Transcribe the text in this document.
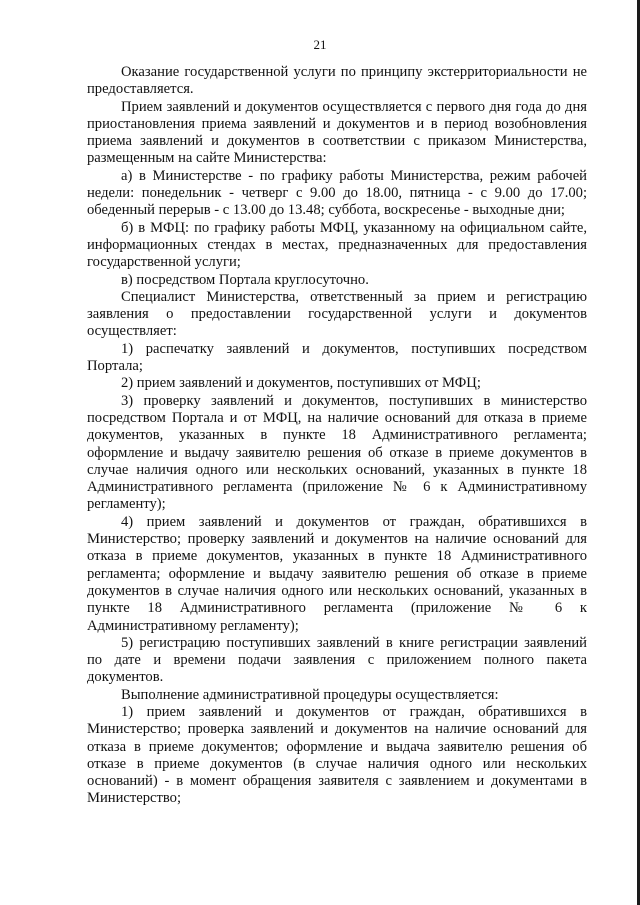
21

Оказание государственной услуги по принципу экстерриториальности не предоставляется.

Прием заявлений и документов осуществляется с первого дня года до дня приостановления приема заявлений и документов и в период возобновления приема заявлений и документов в соответствии с приказом Министерства, размещенным на сайте Министерства:

а) в Министерстве - по графику работы Министерства, режим рабочей недели: понедельник - четверг с 9.00 до 18.00, пятница - с 9.00 до 17.00; обеденный перерыв - с 13.00 до 13.48; суббота, воскресенье - выходные дни;

б) в МФЦ: по графику работы МФЦ, указанному на официальном сайте, информационных стендах в местах, предназначенных для предоставления государственной услуги;

в) посредством Портала круглосуточно.

Специалист Министерства, ответственный за прием и регистрацию заявления о предоставлении государственной услуги и документов осуществляет:

1) распечатку заявлений и документов, поступивших посредством Портала;

2) прием заявлений и документов, поступивших от МФЦ;

3) проверку заявлений и документов, поступивших в министерство посредством Портала и от МФЦ, на наличие оснований для отказа в приеме документов, указанных в пункте 18 Административного регламента; оформление и выдачу заявителю решения об отказе в приеме документов в случае наличия одного или нескольких оснований, указанных в пункте 18 Административного регламента (приложение № 6 к Административному регламенту);

4) прием заявлений и документов от граждан, обратившихся в Министерство; проверку заявлений и документов на наличие оснований для отказа в приеме документов, указанных в пункте 18 Административного регламента; оформление и выдачу заявителю решения об отказе в приеме документов в случае наличия одного или нескольких оснований, указанных в пункте 18 Административного регламента (приложение № 6 к Административному регламенту);

5) регистрацию поступивших заявлений в книге регистрации заявлений по дате и времени подачи заявления с приложением полного пакета документов.

Выполнение административной процедуры осуществляется:

1) прием заявлений и документов от граждан, обратившихся в Министерство; проверка заявлений и документов на наличие оснований для отказа в приеме документов; оформление и выдача заявителю решения об отказе в приеме документов (в случае наличия одного или нескольких оснований) - в момент обращения заявителя с заявлением и документами в Министерство;
